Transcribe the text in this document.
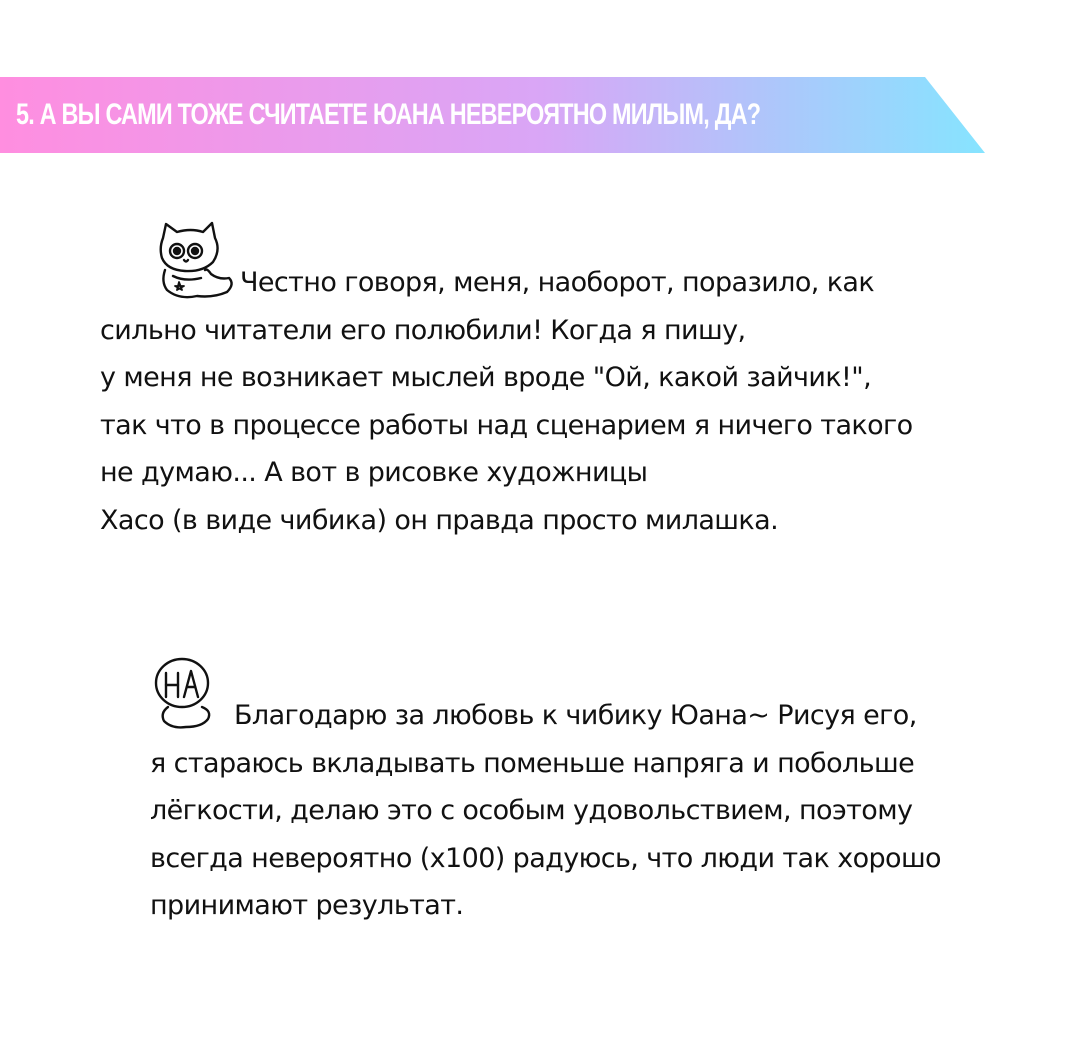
5. А ВЫ САМИ ТОЖЕ СЧИТАЕТЕ ЮАНА НЕВЕРОЯТНО МИЛЫМ, ДА?

Честно говоря, меня, наоборот, поразило, как

сильно читатели его полюбили! Когда я пишу,

у меня не возникает мыслей вроде "Ой, какой зайчик!",

так что в процессе работы над сценарием я ничего такого

не думаю... А вот в рисовке художницы

Хасо (в виде чибика) он правда просто милашка.

Благодарю за любовь к чибику Юана~ Рисуя его,

я стараюсь вкладывать поменьше напряга и побольше

лёгкости, делаю это с особым удовольствием, поэтому

всегда невероятно (x100) радуюсь, что люди так хорошо

принимают результат.
